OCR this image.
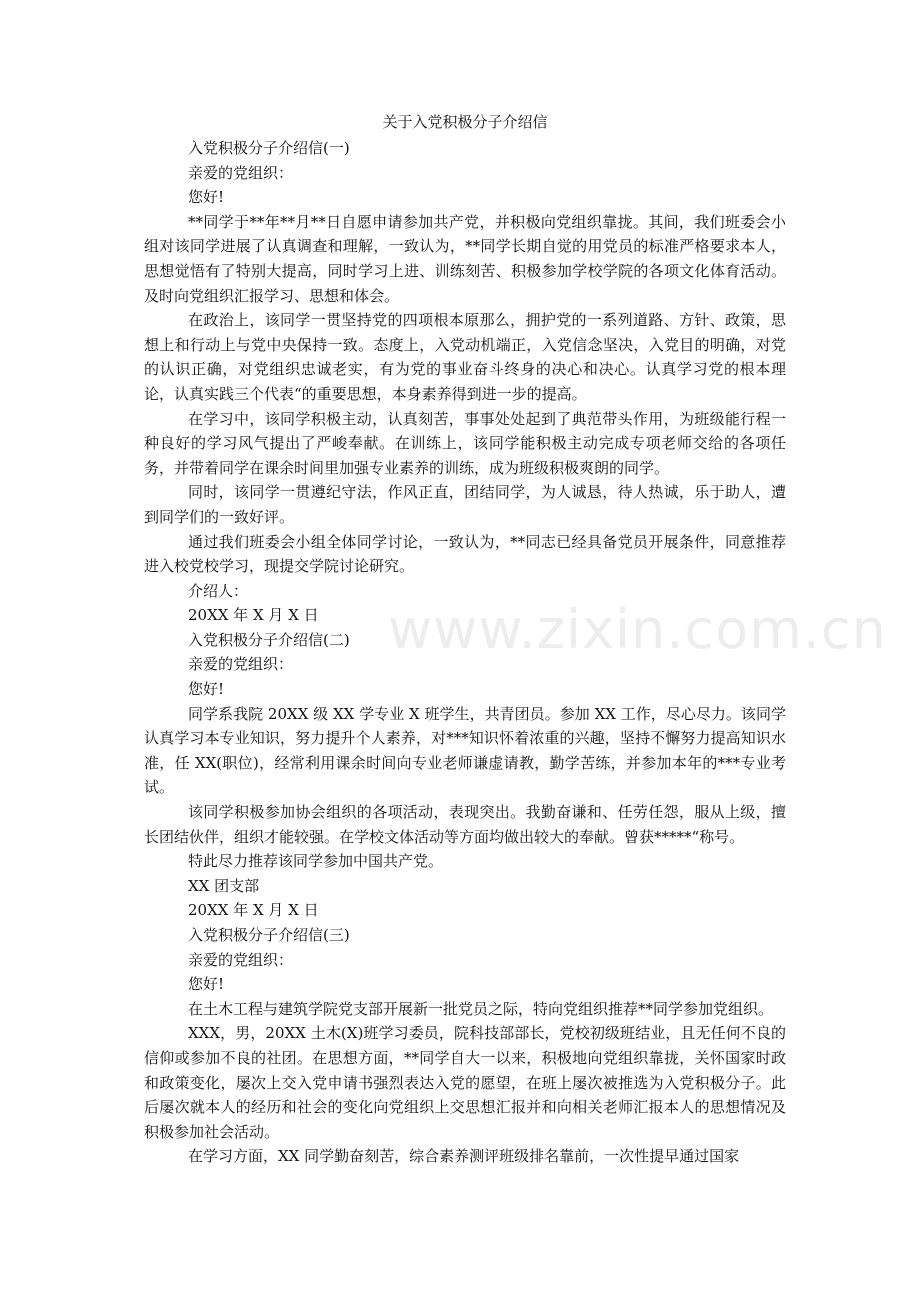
www.zixin.com.cn
关于入党积极分子介绍信
入党积极分子介绍信(一)
亲爱的党组织：
您好!

**同学于**年**月**日自愿申请参加共产党，并积极向党组织靠拢。其间，我们班委会小组对该同学进展了认真调查和理解，一致认为，**同学长期自觉的用党员的标准严格要求本人，思想觉悟有了特别大提高，同时学习上进、训练刻苦、积极参加学校学院的各项文化体育活动。及时向党组织汇报学习、思想和体会。

在政治上，该同学一贯坚持党的四项根本原那么，拥护党的一系列道路、方针、政策，思想上和行动上与党中央保持一致。态度上，入党动机端正，入党信念坚决，入党目的明确，对党的认识正确，对党组织忠诚老实，有为党的事业奋斗终身的决心和决心。认真学习党的根本理论，认真实践三个代表“的重要思想，本身素养得到进一步的提高。

在学习中，该同学积极主动，认真刻苦，事事处处起到了典范带头作用，为班级能行程一种良好的学习风气提出了严峻奉献。在训练上，该同学能积极主动完成专项老师交给的各项任务，并带着同学在课余时间里加强专业素养的训练，成为班级积极爽朗的同学。

同时，该同学一贯遵纪守法，作风正直，团结同学，为人诚恳，待人热诚，乐于助人，遭到同学们的一致好评。

通过我们班委会小组全体同学讨论，一致认为，**同志已经具备党员开展条件，同意推荐进入校党校学习，现提交学院讨论研究。

介绍人：
20XX 年 X 月 X 日
入党积极分子介绍信(二)
亲爱的党组织：
您好!

同学系我院 20XX 级 XX 学专业 X 班学生，共青团员。参加 XX 工作，尽心尽力。该同学认真学习本专业知识，努力提升个人素养，对***知识怀着浓重的兴趣，坚持不懈努力提高知识水准，任 XX(职位)，经常利用课余时间向专业老师谦虚请教，勤学苦练，并参加本年的***专业考试。

该同学积极参加协会组织的各项活动，表现突出。我勤奋谦和、任劳任怨，服从上级，擅长团结伙伴，组织才能较强。在学校文体活动等方面均做出较大的奉献。曾获*****“称号。

特此尽力推荐该同学参加中国共产党。

XX 团支部
20XX 年 X 月 X 日
入党积极分子介绍信(三)
亲爱的党组织：
您好!

在土木工程与建筑学院党支部开展新一批党员之际，特向党组织推荐**同学参加党组织。

XXX，男，20XX 土木(X)班学习委员，院科技部部长，党校初级班结业，且无任何不良的信仰或参加不良的社团。在思想方面，**同学自大一以来，积极地向党组织靠拢，关怀国家时政和政策变化，屡次上交入党申请书强烈表达入党的愿望，在班上屡次被推选为入党积极分子。此后屡次就本人的经历和社会的变化向党组织上交思想汇报并和向相关老师汇报本人的思想情况及积极参加社会活动。

在学习方面，XX 同学勤奋刻苦，综合素养测评班级排名靠前，一次性提早通过国家
